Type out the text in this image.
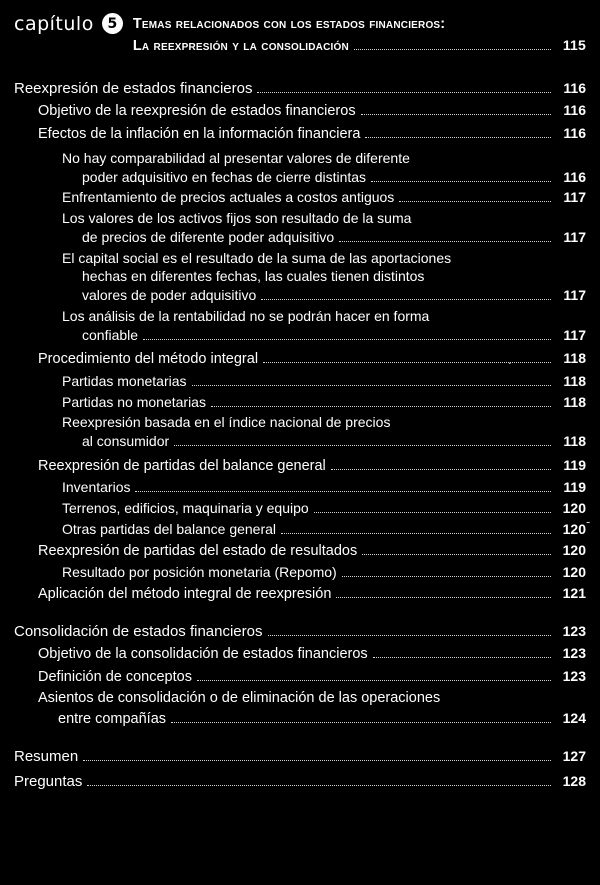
capítulo 5	temas relacionados con los estados financieros:
La reexpresión y la consolidación	115
Reexpresión de estados financieros	116
Objetivo de la reexpresión de estados financieros	116
Efectos de la inflación en la información financiera	116
No hay comparabilidad al presentar valores de diferente
poder adquisitivo en fechas de cierre distintas	116
Enfrentamiento de precios actuales a costos antiguos	117
Los valores de los activos fijos son resultado de la suma
de precios de diferente poder adquisitivo	117
El capital social es el resultado de la suma de las aportaciones
hechas en diferentes fechas, las cuales tienen distintos
valores de poder adquisitivo	117
Los análisis de la rentabilidad no se podrán hacer en forma
confiable	117
Procedimiento del método integral	118
Partidas monetarias	118
Partidas no monetarias	118
Reexpresión basada en el índice nacional de precios
al consumidor	118
Reexpresión de partidas del balance general	119
Inventarios	119
Terrenos, edificios, maquinaria y equipo	120
Otras partidas del balance general	120
Reexpresión de partidas del estado de resultados	120
Resultado por posición monetaria (Repomo)	120
Aplicación del método integral de reexpresión	121
Consolidación de estados financieros	123
Objetivo de la consolidación de estados financieros	123
Definición de conceptos	123
Asientos de consolidación o de eliminación de las operaciones
entre compañías	124
Resumen	127
Preguntas	128
.
-
